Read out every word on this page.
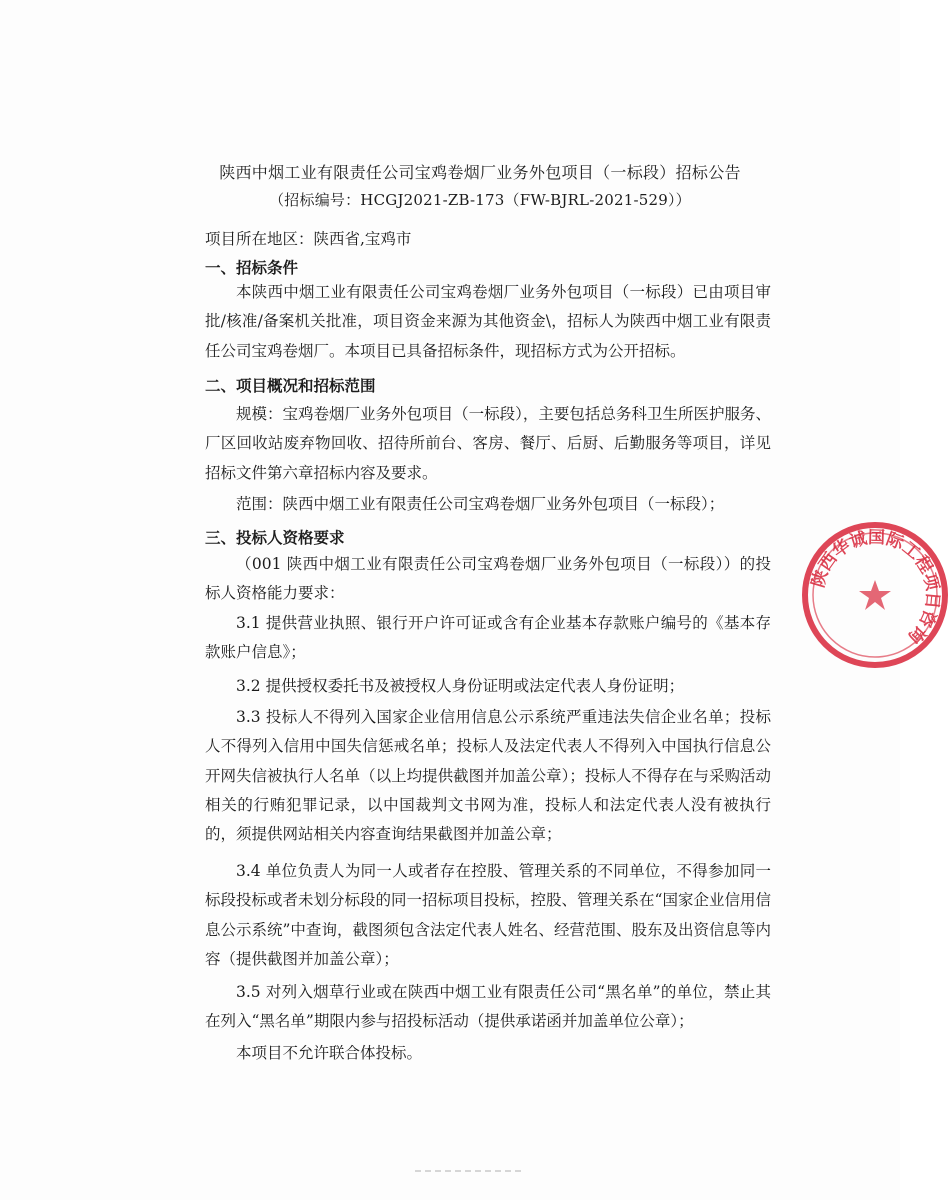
陕西中烟工业有限责任公司宝鸡卷烟厂业务外包项目（一标段）招标公告
（招标编号：HCGJ2021-ZB-173（FW-BJRL-2021-529））
项目所在地区：陕西省,宝鸡市
一、招标条件

本陕西中烟工业有限责任公司宝鸡卷烟厂业务外包项目（一标段）已由项目审批/核准/备案机关批准，项目资金来源为其他资金\，招标人为陕西中烟工业有限责任公司宝鸡卷烟厂。本项目已具备招标条件，现招标方式为公开招标。

二、项目概况和招标范围

规模：宝鸡卷烟厂业务外包项目（一标段），主要包括总务科卫生所医护服务、厂区回收站废弃物回收、招待所前台、客房、餐厅、后厨、后勤服务等项目，详见招标文件第六章招标内容及要求。

范围：陕西中烟工业有限责任公司宝鸡卷烟厂业务外包项目（一标段）；

三、投标人资格要求

（001 陕西中烟工业有限责任公司宝鸡卷烟厂业务外包项目（一标段））的投标人资格能力要求：

3.1 提供营业执照、银行开户许可证或含有企业基本存款账户编号的《基本存款账户信息》；

3.2 提供授权委托书及被授权人身份证明或法定代表人身份证明；

3.3 投标人不得列入国家企业信用信息公示系统严重违法失信企业名单；投标人不得列入信用中国失信惩戒名单；投标人及法定代表人不得列入中国执行信息公开网失信被执行人名单（以上均提供截图并加盖公章）；投标人不得存在与采购活动相关的行贿犯罪记录，以中国裁判文书网为准，投标人和法定代表人没有被执行的，须提供网站相关内容查询结果截图并加盖公章；

3.4 单位负责人为同一人或者存在控股、管理关系的不同单位，不得参加同一标段投标或者未划分标段的同一招标项目投标，控股、管理关系在“国家企业信用信息公示系统”中查询，截图须包含法定代表人姓名、经营范围、股东及出资信息等内容（提供截图并加盖公章）；

3.5 对列入烟草行业或在陕西中烟工业有限责任公司“黑名单”的单位，禁止其在列入“黑名单”期限内参与招投标活动（提供承诺函并加盖单位公章）；

本项目不允许联合体投标。

陕西华诚国际工程项目咨询
